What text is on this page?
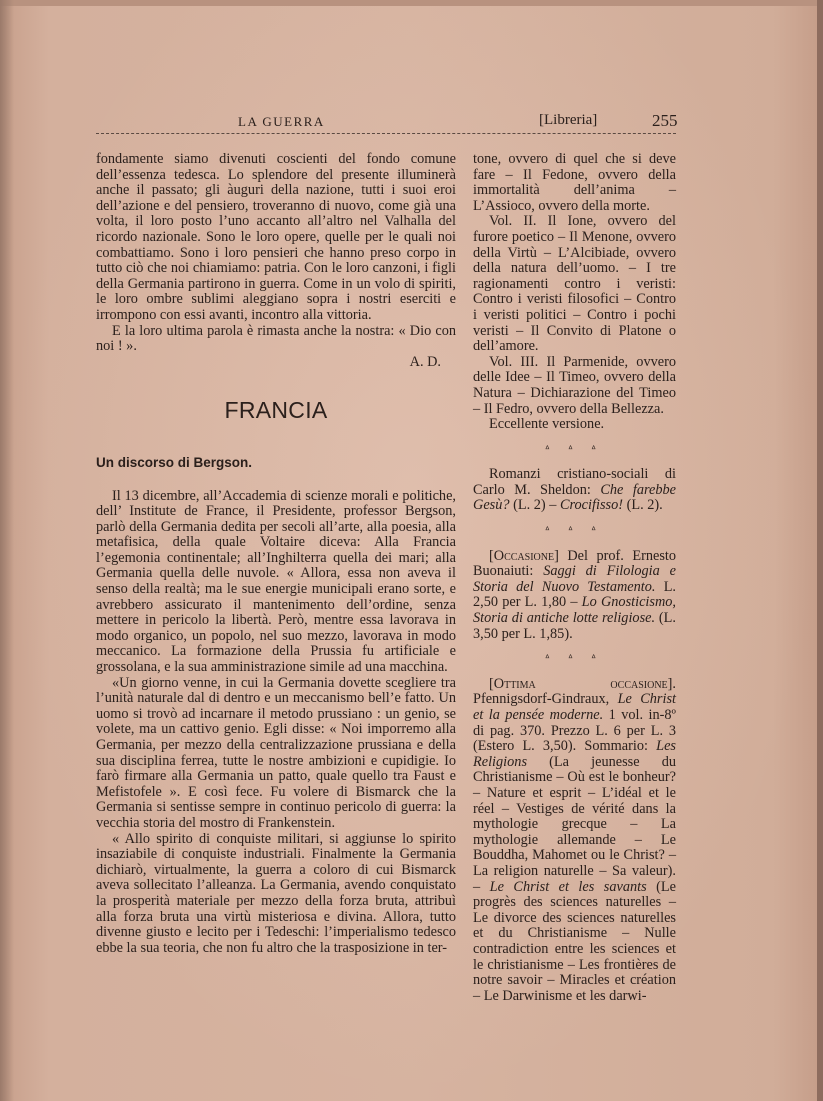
LA GUERRA	[Libreria]	255

fondamente siamo divenuti coscienti del fondo comune dell’essenza tedesca. Lo splendore del presente illuminerà anche il passato; gli àuguri della nazione, tutti i suoi eroi dell’azione e del pensiero, troveranno di nuovo, come già una volta, il loro posto l’uno accanto all’altro nel Valhalla del ricordo nazionale. Sono le loro opere, quelle per le quali noi combattiamo. Sono i loro pensieri che hanno preso corpo in tutto ciò che noi chiamiamo: patria. Con le loro canzoni, i figli della Germania partirono in guerra. Come in un volo di spiriti, le loro ombre sublimi aleggiano sopra i nostri eserciti e irrompono con essi avanti, incontro alla vittoria.

E la loro ultima parola è rimasta anche la nostra: « Dio con noi ! ».

A. D.

FRANCIA
Un discorso di Bergson.

Il 13 dicembre, all’Accademia di scienze morali e politiche, dell’ Institute de France, il Presidente, professor Bergson, parlò della Germania dedita per secoli all’arte, alla poesia, alla metafisica, della quale Voltaire diceva: Alla Francia l’egemonia continentale; all’Inghilterra quella dei mari; alla Germania quella delle nuvole. « Allora, essa non aveva il senso della realtà; ma le sue energie municipali erano sorte, e avrebbero assicurato il mantenimento dell’ordine, senza mettere in pericolo la libertà. Però, mentre essa lavorava in modo organico, un popolo, nel suo mezzo, lavorava in modo meccanico. La formazione della Prussia fu artificiale e grossolana, e la sua amministrazione simile ad una macchina.

«Un giorno venne, in cui la Germania dovette scegliere tra l’unità naturale dal di dentro e un meccanismo bell’e fatto. Un uomo si trovò ad incarnare il metodo prussiano : un genio, se volete, ma un cattivo genio. Egli disse: « Noi imporremo alla Germania, per mezzo della centralizzazione prussiana e della sua disciplina ferrea, tutte le nostre ambizioni e cupidigie. Io farò firmare alla Germania un patto, quale quello tra Faust e Mefistofele ». E così fece. Fu volere di Bismarck che la Germania si sentisse sempre in continuo pericolo di guerra: la vecchia storia del mostro di Frankenstein.

« Allo spirito di conquiste militari, si aggiunse lo spirito insaziabile di conquiste industriali. Finalmente la Germania dichiarò, virtualmente, la guerra a coloro di cui Bismarck aveva sollecitato l’alleanza. La Germania, avendo conquistato la prosperità materiale per mezzo della forza bruta, attribuì alla forza bruta una virtù misteriosa e divina. Allora, tutto divenne giusto e lecito per i Tedeschi: l’imperialismo tedesco ebbe la sua teoria, che non fu altro che la trasposizione in ter-

tone, ovvero di quel che si deve fare – Il Fedone, ovvero della immortalità dell’anima – L’Assioco, ovvero della morte.

Vol. II. Il Ione, ovvero del furore poetico – Il Menone, ovvero della Virtù – L’Alcibiade, ovvero della natura dell’uomo. – I tre ragionamenti contro i veristi: Contro i veristi filosofici – Contro i veristi politici – Contro i pochi veristi – Il Convito di Platone o dell’amore.

Vol. III. Il Parmenide, ovvero delle Idee – Il Timeo, ovvero della Natura – Dichiarazione del Timeo – Il Fedro, ovvero della Bellezza.

Eccellente versione.

ᐞ ᐞ ᐞ

Romanzi cristiano-sociali di Carlo M. Sheldon: Che farebbe Gesù? (L. 2) – Crocifisso! (L. 2).

ᐞ ᐞ ᐞ

[Occasione] Del prof. Ernesto Buonaiuti: Saggi di Filologia e Storia del Nuovo Testamento. L. 2,50 per L. 1,80 – Lo Gnosticismo, Storia di antiche lotte religiose. (L. 3,50 per L. 1,85).

ᐞ ᐞ ᐞ

[Ottima occasione]. Pfennigsdorf-Gindraux, Le Christ et la pensée moderne. 1 vol. in-8º di pag. 370. Prezzo L. 6 per L. 3 (Estero L. 3,50). Sommario: Les Religions (La jeunesse du Christianisme – Où est le bonheur? – Nature et esprit – L’idéal et le réel – Vestiges de vérité dans la mythologie grecque – La mythologie allemande – Le Bouddha, Mahomet ou le Christ? – La religion naturelle – Sa valeur). – Le Christ et les savants (Le progrès des sciences naturelles – Le divorce des sciences naturelles et du Christianisme – Nulle contradiction entre les sciences et le christianisme – Les frontières de notre savoir – Miracles et création – Le Darwinisme et les darwi-
